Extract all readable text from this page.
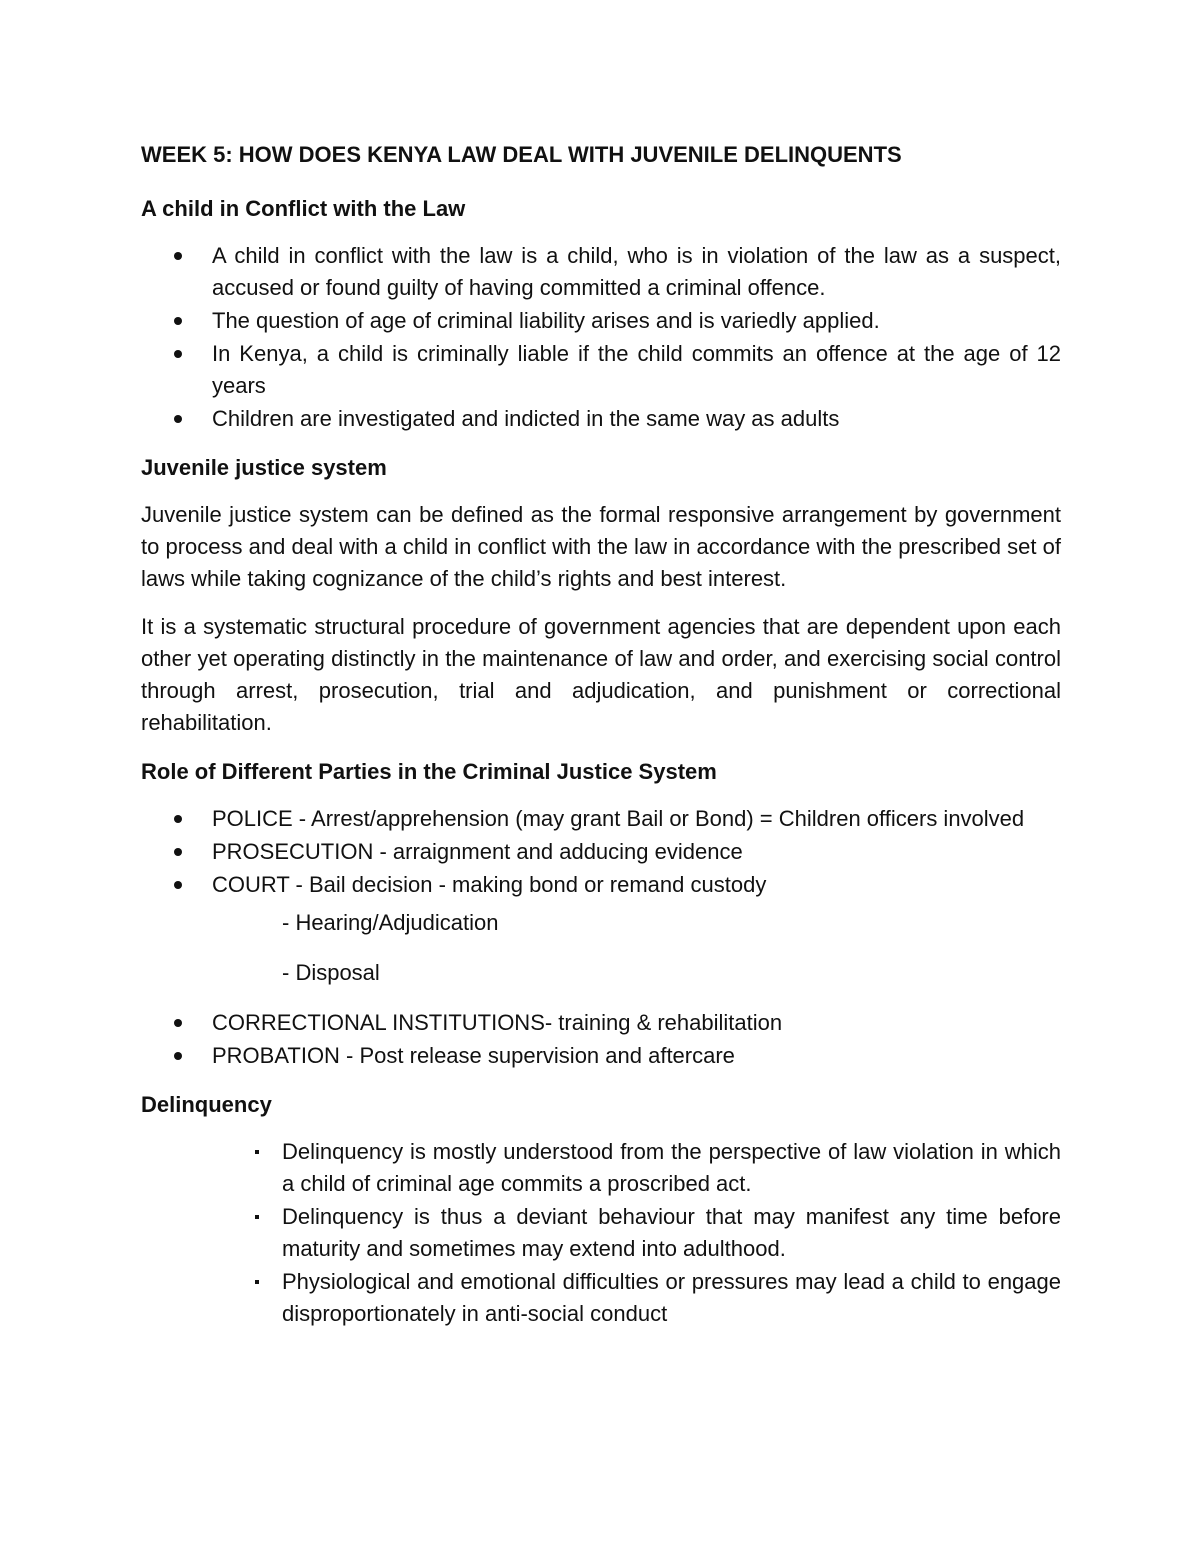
WEEK 5: HOW DOES KENYA LAW DEAL WITH JUVENILE DELINQUENTS
A child in Conflict with the Law
A child in conflict with the law is a child, who is in violation of the law as a suspect, accused or found guilty of having committed a criminal offence.
The question of age of criminal liability arises and is variedly applied.
In Kenya, a child is criminally liable if the child commits an offence at the age of 12 years
Children are investigated and indicted in the same way as adults
Juvenile justice system

Juvenile justice system can be defined as the formal responsive arrangement by government to process and deal with a child in conflict with the law in accordance with the prescribed set of laws while taking cognizance of the child’s rights and best interest.

It is a systematic structural procedure of government agencies that are dependent upon each other yet operating distinctly in the maintenance of law and order, and exercising social control through arrest, prosecution, trial and adjudication, and punishment or correctional rehabilitation.

Role of Different Parties in the Criminal Justice System
POLICE - Arrest/apprehension (may grant Bail or Bond) = Children officers involved
PROSECUTION - arraignment and adducing evidence
COURT - Bail decision - making bond or remand custody
- Hearing/Adjudication
- Disposal
CORRECTIONAL INSTITUTIONS- training & rehabilitation
PROBATION - Post release supervision and aftercare
Delinquency
Delinquency is mostly understood from the perspective of law violation in which a child of criminal age commits a proscribed act.
Delinquency is thus a deviant behaviour that may manifest any time before maturity and sometimes may extend into adulthood.
Physiological and emotional difficulties or pressures may lead a child to engage disproportionately in anti-social conduct
